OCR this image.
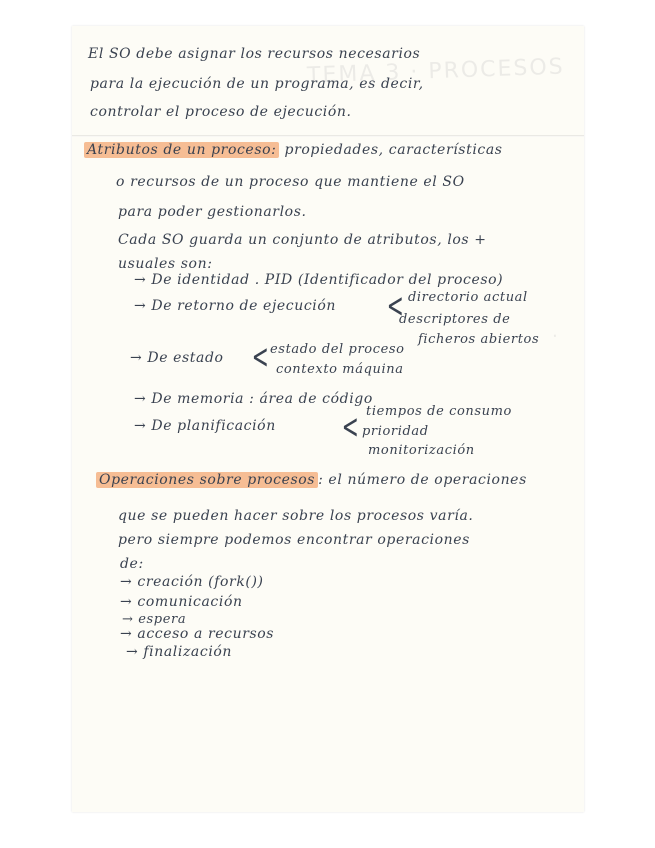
TEMA 3 · PROCESOS
·
El SO debe asignar los recursos necesarios
para la ejecución de un programa, es decir,
controlar el proceso de ejecución.
Atributos de un proceso: propiedades, características
o recursos de un proceso que mantiene el SO
para poder gestionarlos.
Cada SO guarda un conjunto de atributos, los +
usuales son:
→ De identidad . PID (Identificador del proceso)
→ De retorno de ejecución < directorio actual
descriptores de
ficheros abiertos
→ De estado < estado del proceso
contexto máquina
→ De memoria : área de código
→ De planificación < tiempos de consumo
prioridad
monitorización
Operaciones sobre procesos : el número de operaciones
que se pueden hacer sobre los procesos varía.
pero siempre podemos encontrar operaciones
de:
→ creación (fork())
→ comunicación
→ espera
→ acceso a recursos
→ finalización
